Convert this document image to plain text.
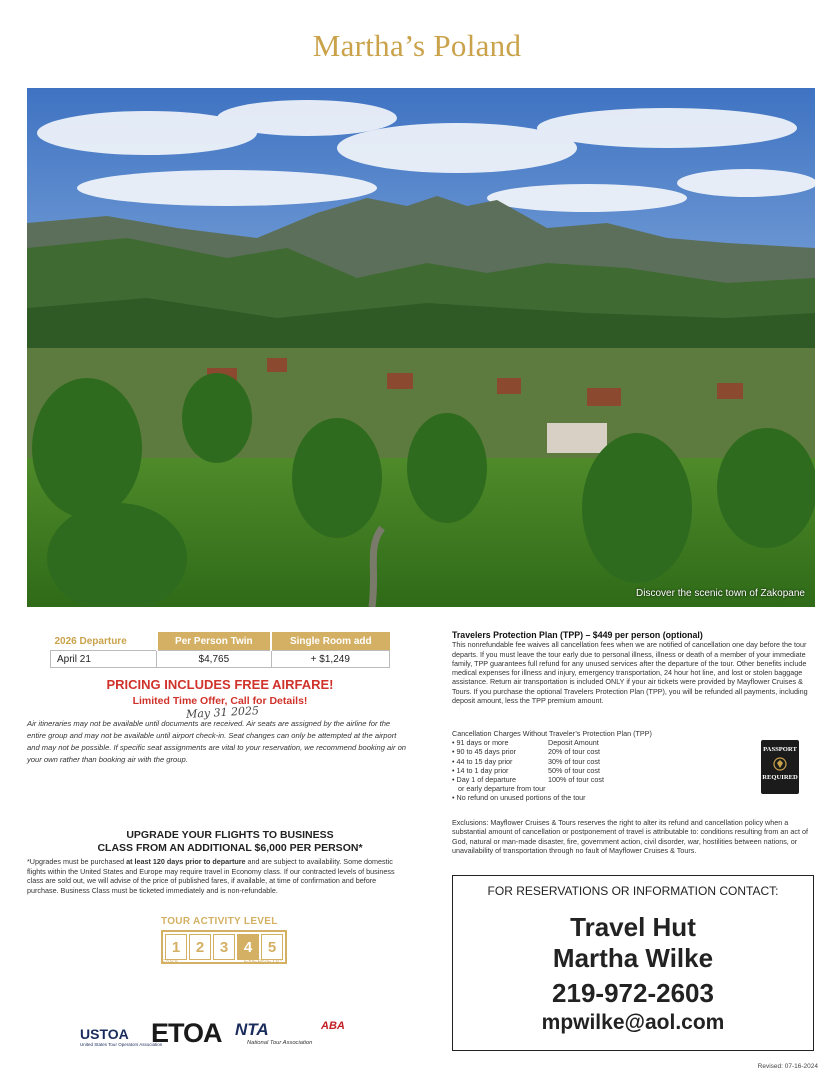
Martha’s Poland
Discover the scenic town of Zakopane
2026 Departure	Per Person Twin	Single Room add
April 21	$4,765	+ $1,249
PRICING INCLUDES FREE AIRFARE!
Limited Time Offer, Call for Details!
May 31 2025
Air itineraries may not be available until documents are received. Air seats are assigned by the airline for the entire group and may not be available until airport check-in. Seat changes can only be attempted at the airport and may not be possible. If specific seat assignments are vital to your reservation, we recommend booking air on your own rather than booking air with the group.
UPGRADE YOUR FLIGHTS TO BUSINESS
CLASS FROM AN ADDITIONAL $6,000 PER PERSON*
*Upgrades must be purchased at least 120 days prior to departure and are subject to availability. Some domestic flights within the United States and Europe may require travel in Economy class. If our contracted levels of business class are sold out, we will advise of the price of published fares, if available, at time of confirmation and before purchase. Business Class must be ticketed immediately and is non-refundable.
TOUR ACTIVITY LEVEL
1	2	3	4	5
EASY	ENERGETIC
USTOA
United States Tour Operators Association
ETOA NTA
National Tour Association
ABA
Travelers Protection Plan (TPP) – $449 per person (optional)
This nonrefundable fee waives all cancellation fees when we are notified of cancellation one day before the tour departs. If you must leave the tour early due to personal illness, illness or death of a member of your immediate family, TPP guarantees full refund for any unused services after the departure of the tour. Other benefits include medical expenses for illness and injury, emergency transportation, 24 hour hot line, and lost or stolen baggage assistance. Return air transportation is included ONLY if your air tickets were provided by Mayflower Cruises & Tours. If you purchase the optional Travelers Protection Plan (TPP), you will be refunded all payments, including deposit amount, less the TPP premium amount.
Cancellation Charges Without Traveler’s Protection Plan (TPP)
• 91 days or more	Deposit Amount
• 90 to 45 days prior	20% of tour cost
• 44 to 15 day prior	30% of tour cost
• 14 to 1 day prior	50% of tour cost
• Day 1 of departure	100% of tour cost
or early departure from tour
• No refund on unused portions of the tour
PASSPORT
REQUIRED
Exclusions: Mayflower Cruises & Tours reserves the right to alter its refund and cancellation policy when a substantial amount of cancellation or postponement of travel is attributable to: conditions resulting from an act of God, natural or man-made disaster, fire, government action, civil disorder, war, hostilities between nations, or unavailability of transportation through no fault of Mayflower Cruises & Tours.
FOR RESERVATIONS OR INFORMATION CONTACT:
Travel Hut
Martha Wilke
219-972-2603
mpwilke@aol.com
Revised: 07-16-2024
